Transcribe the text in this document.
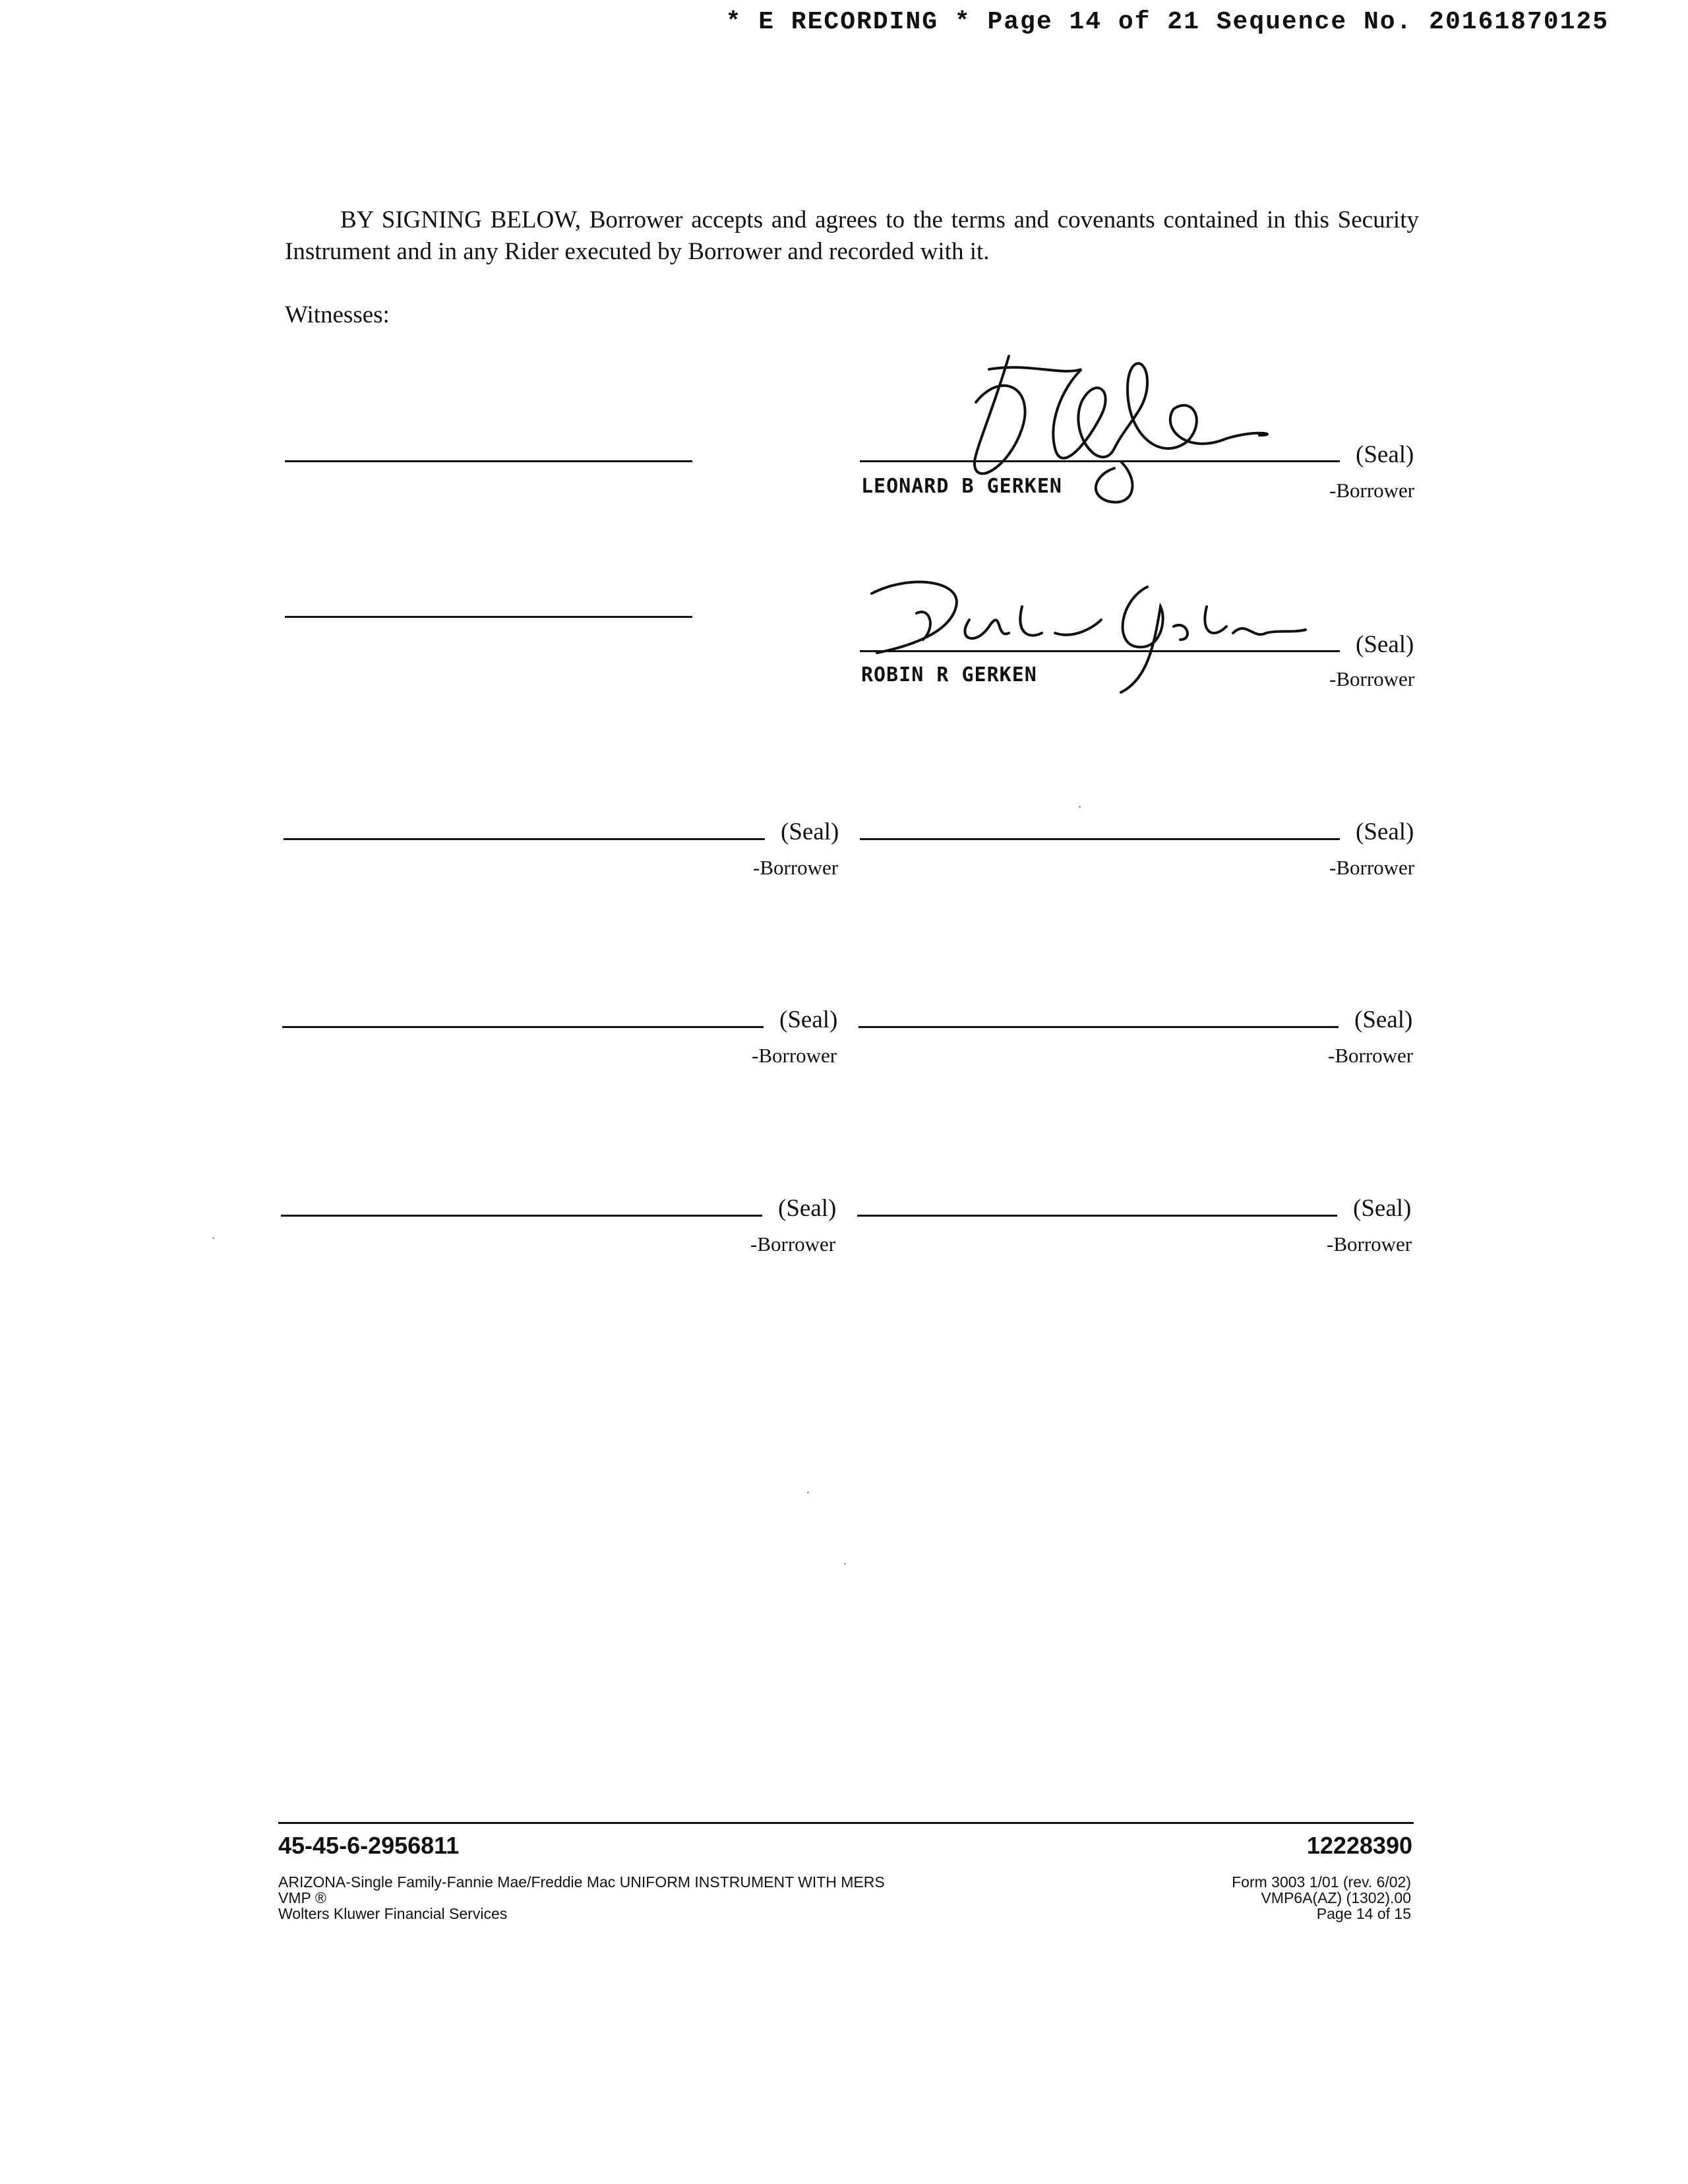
* E RECORDING * Page 14 of 21 Sequence No. 20161870125
BY SIGNING BELOW, Borrower accepts and agrees to the terms and covenants contained in this Security Instrument and in any Rider executed by Borrower and recorded with it.
Witnesses:
(Seal)
LEONARD B GERKEN	-Borrower
(Seal)
ROBIN R GERKEN	-Borrower
(Seal)
-Borrower
(Seal)
-Borrower
(Seal)
-Borrower
(Seal)
-Borrower
(Seal)
-Borrower
(Seal)
-Borrower
45-45-6-2956811	12228390
ARIZONA-Single Family-Fannie Mae/Freddie Mac UNIFORM INSTRUMENT WITH MERS
VMP ®
Wolters Kluwer Financial Services
Form 3003 1/01 (rev. 6/02)
VMP6A(AZ) (1302).00
Page 14 of 15
